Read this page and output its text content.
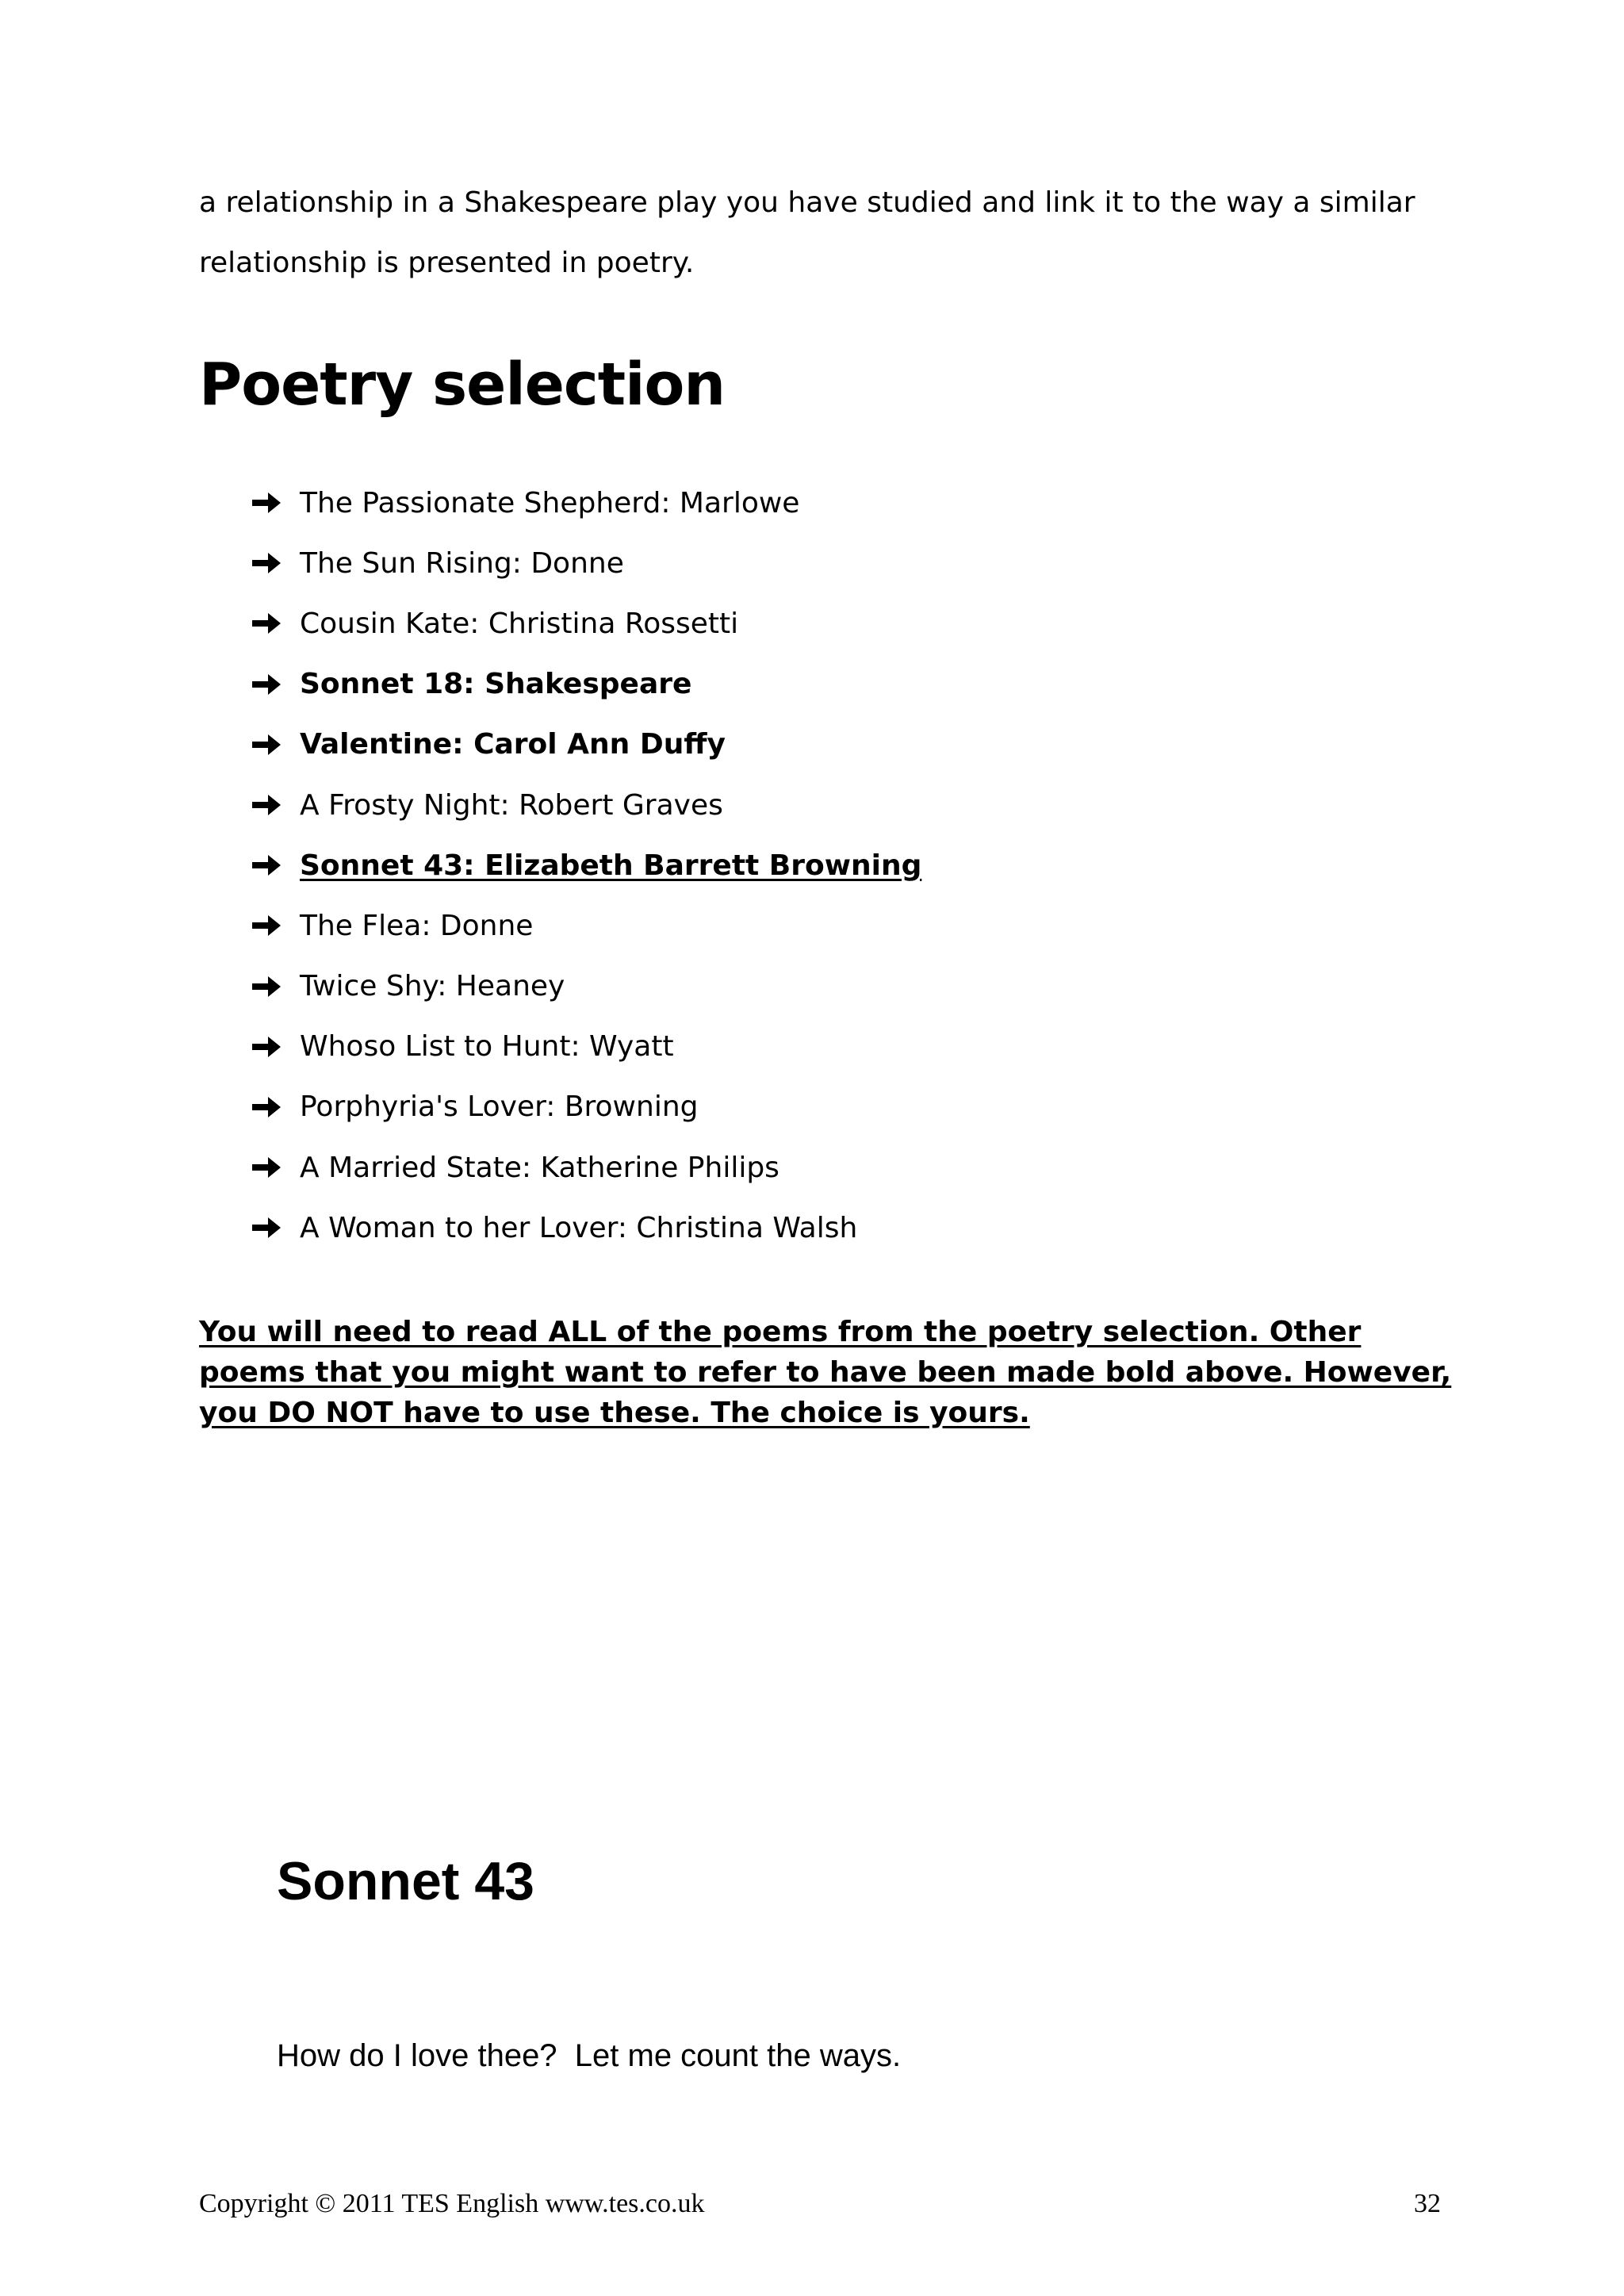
a relationship in a Shakespeare play you have studied and link it to the way a similar relationship is presented in poetry.

Poetry selection
The Passionate Shepherd: Marlowe
The Sun Rising: Donne
Cousin Kate: Christina Rossetti
Sonnet 18: Shakespeare
Valentine: Carol Ann Duffy
A Frosty Night: Robert Graves
Sonnet 43: Elizabeth Barrett Browning
The Flea: Donne
Twice Shy: Heaney
Whoso List to Hunt: Wyatt
Porphyria's Lover: Browning
A Married State: Katherine Philips
A Woman to her Lover: Christina Walsh

You will need to read ALL of the poems from the poetry selection. Other poems that you might want to refer to have been made bold above. However, you DO NOT have to use these. The choice is yours.

Sonnet 43

How do I love thee?  Let me count the ways.

Copyright © 2011 TES English www.tes.co.uk	32
